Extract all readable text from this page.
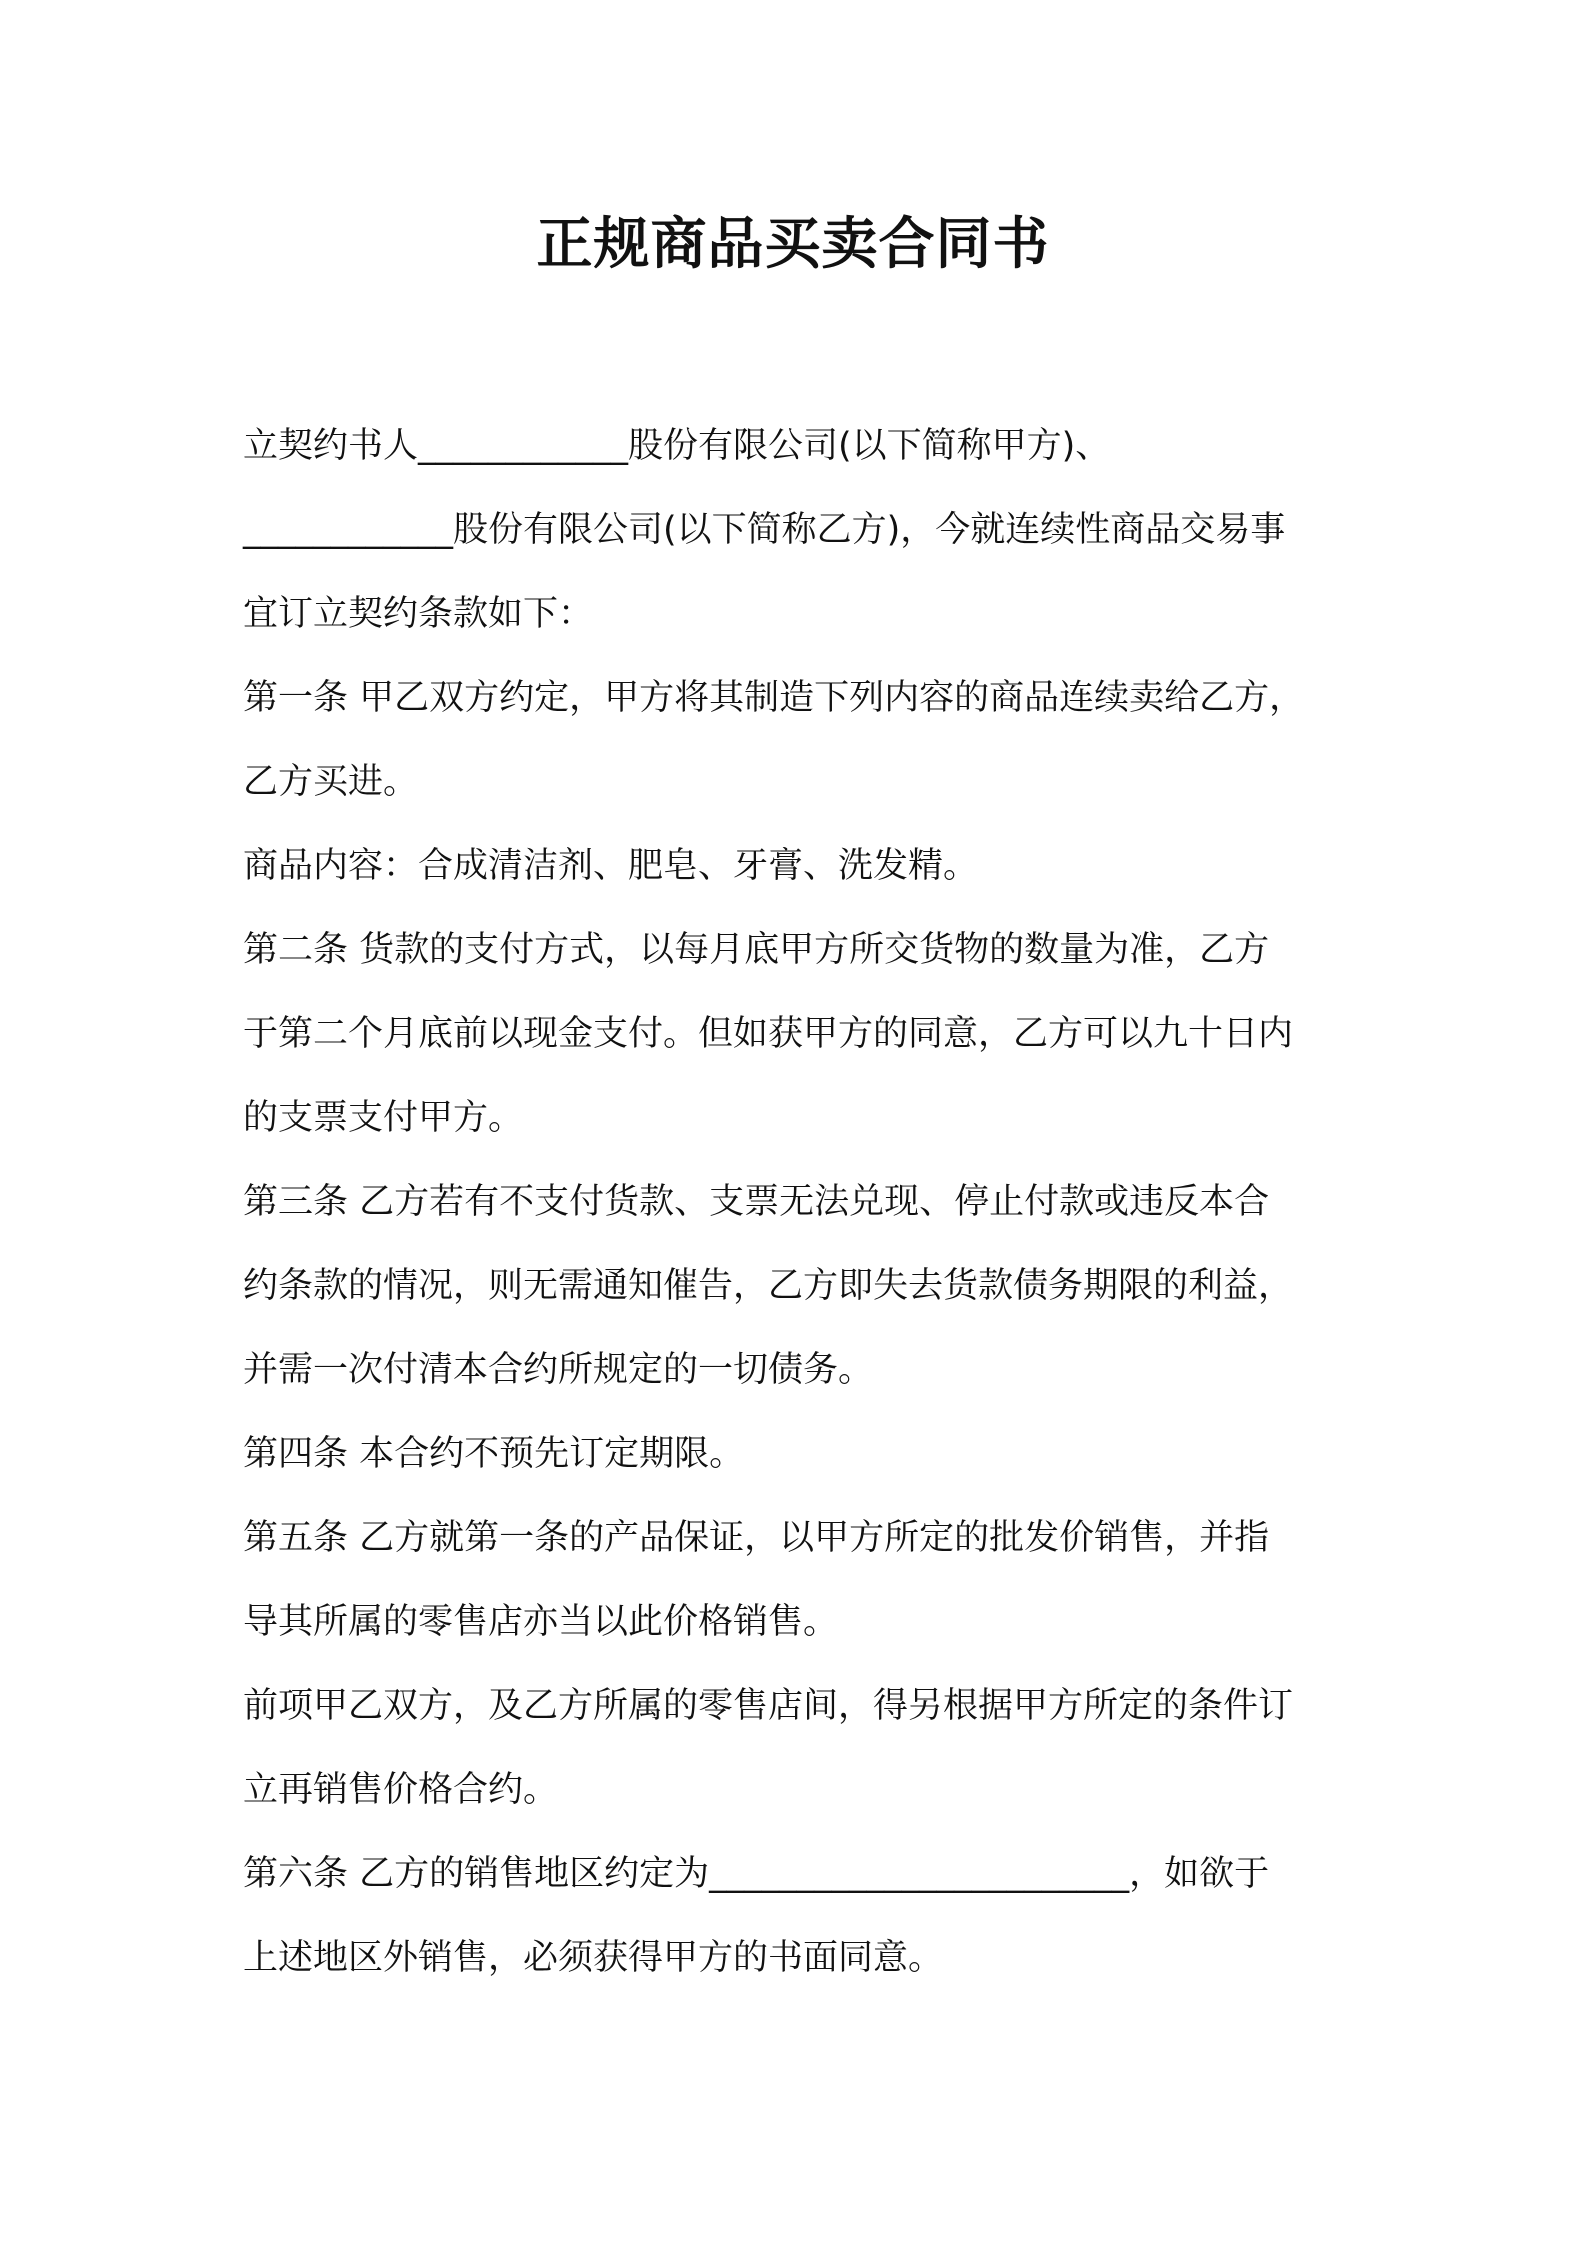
正规商品买卖合同书

立契约书人____________股份有限公司(以下简称甲方)、

____________股份有限公司(以下简称乙方)，今就连续性商品交易事

宜订立契约条款如下：

第一条 甲乙双方约定，甲方将其制造下列内容的商品连续卖给乙方，

乙方买进。

商品内容：合成清洁剂、肥皂、牙膏、洗发精。

第二条 货款的支付方式，以每月底甲方所交货物的数量为准，乙方

于第二个月底前以现金支付。但如获甲方的同意，乙方可以九十日内

的支票支付甲方。

第三条 乙方若有不支付货款、支票无法兑现、停止付款或违反本合

约条款的情况，则无需通知催告，乙方即失去货款债务期限的利益，

并需一次付清本合约所规定的一切债务。

第四条 本合约不预先订定期限。

第五条 乙方就第一条的产品保证，以甲方所定的批发价销售，并指

导其所属的零售店亦当以此价格销售。

前项甲乙双方，及乙方所属的零售店间，得另根据甲方所定的条件订

立再销售价格合约。

第六条 乙方的销售地区约定为________________________，如欲于

上述地区外销售，必须获得甲方的书面同意。
